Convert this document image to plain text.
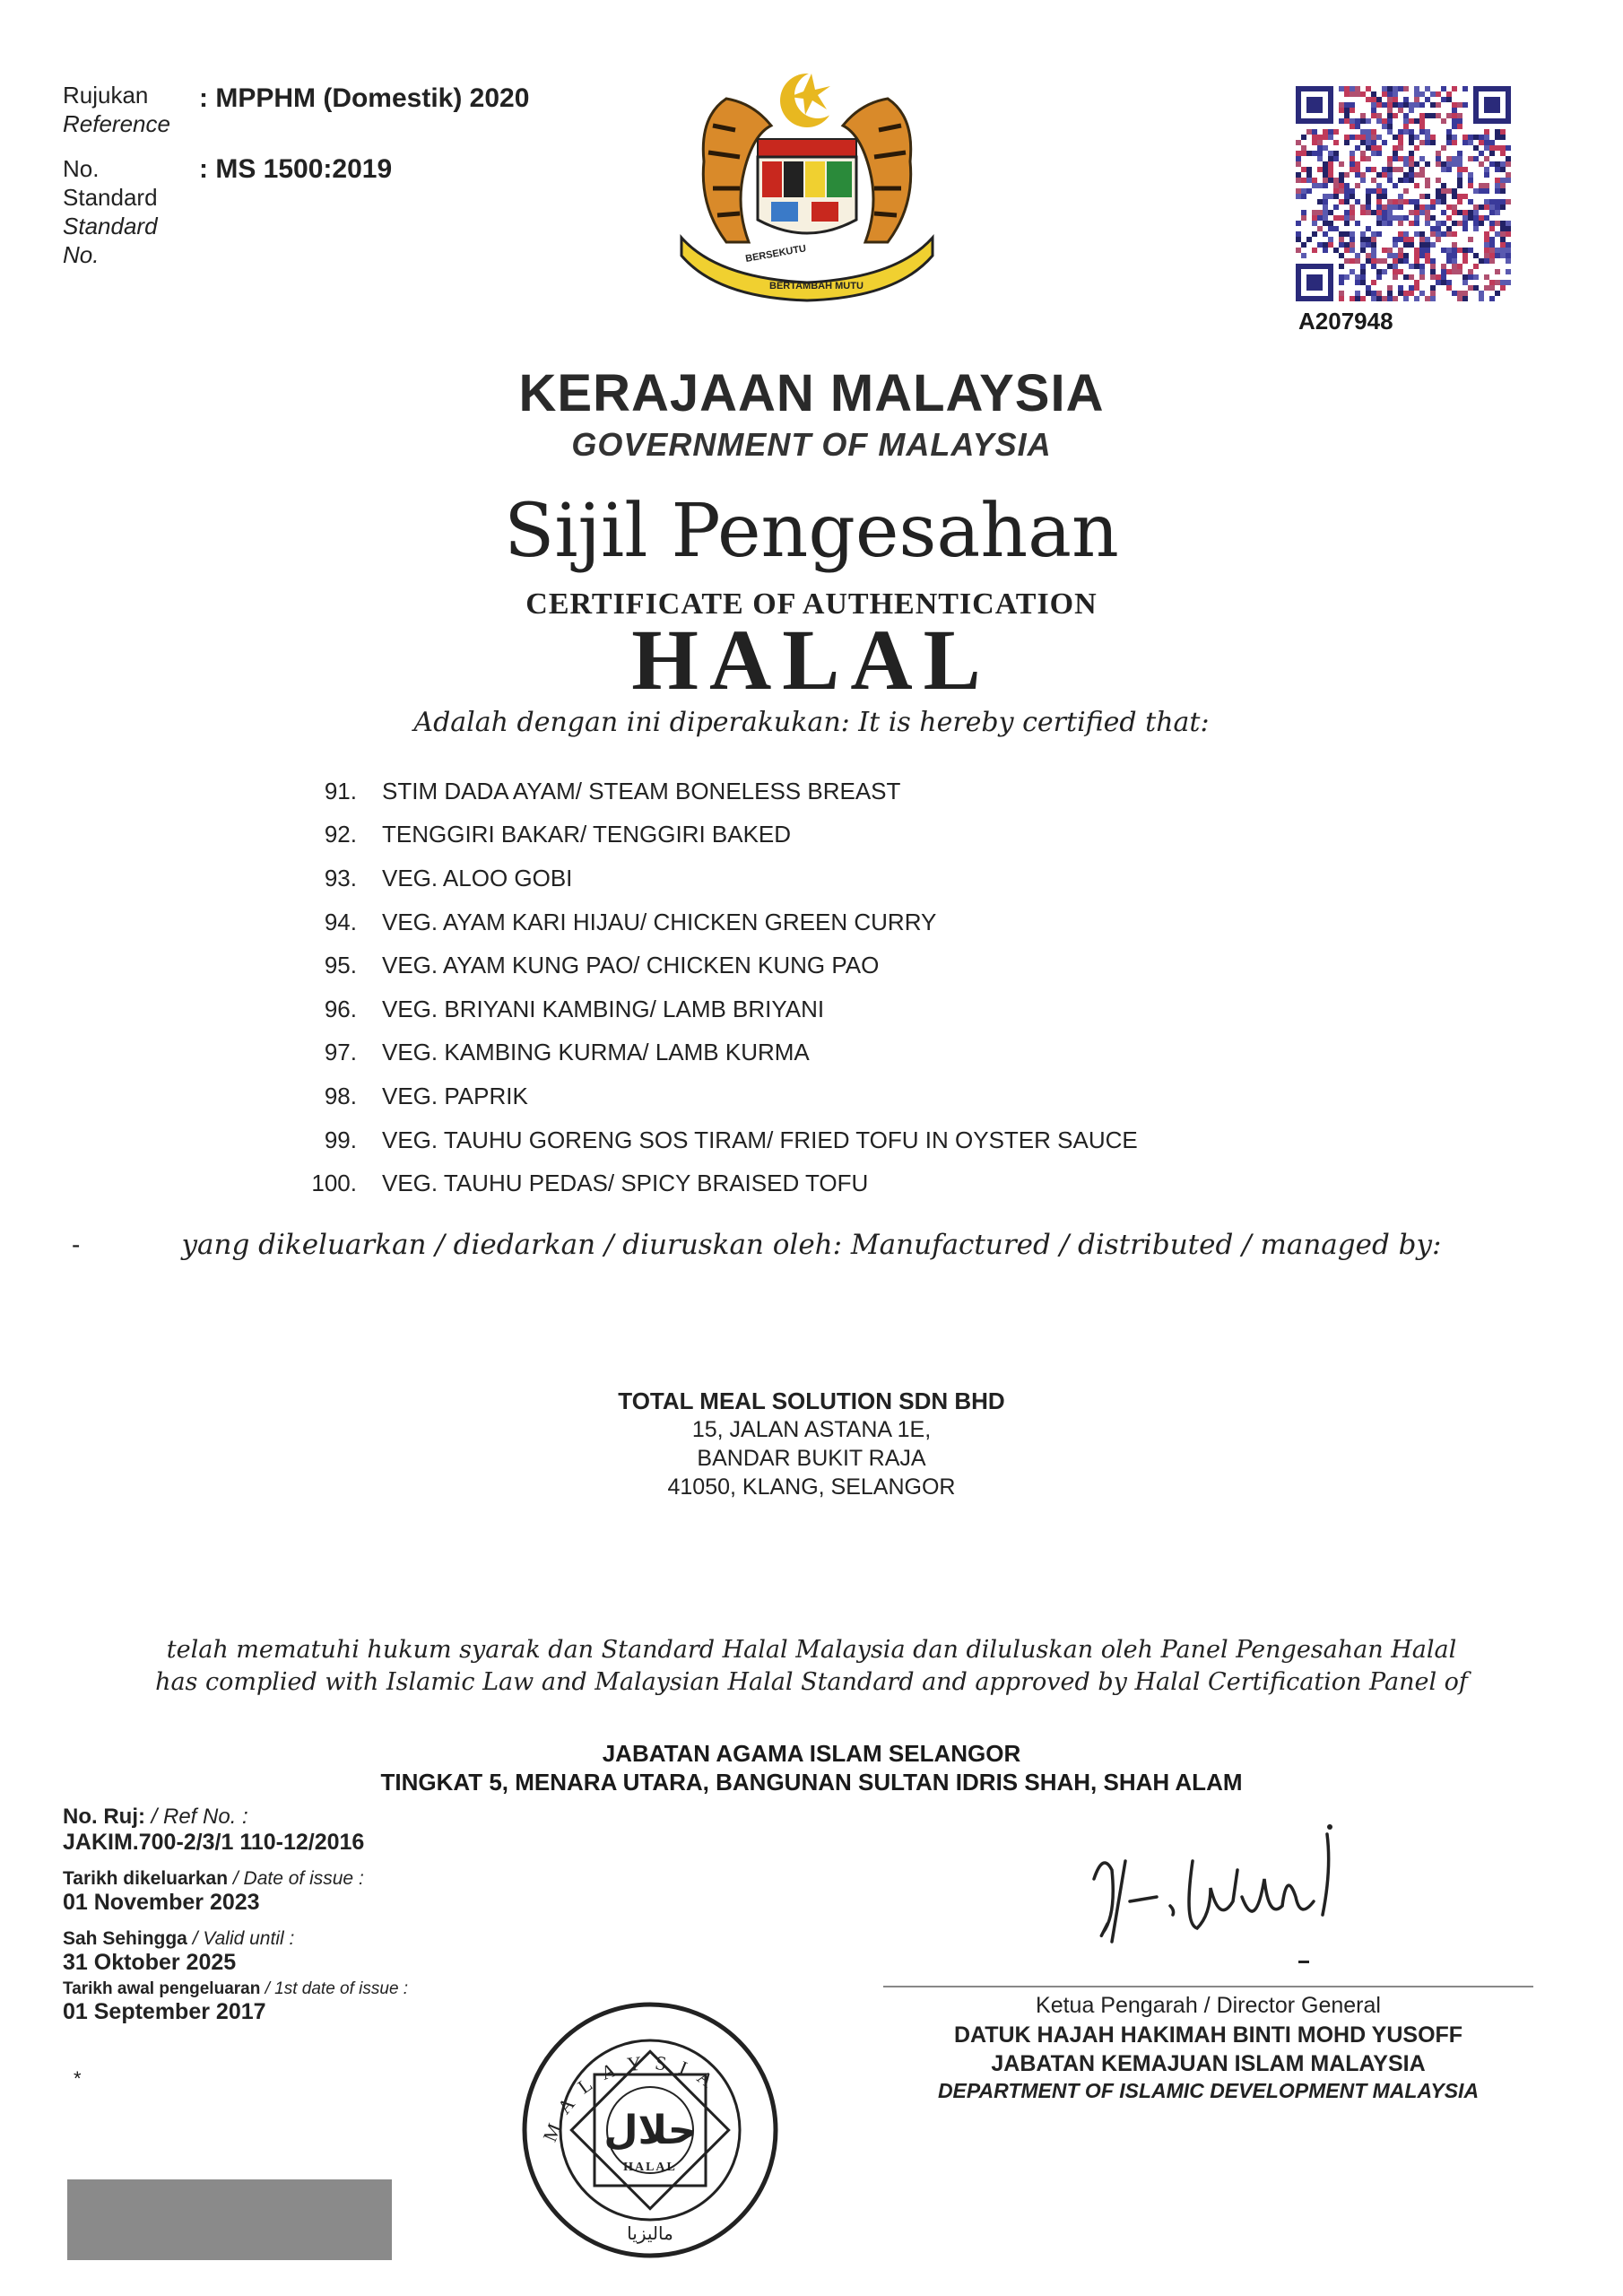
Rujukan
Reference
: MPPHM (Domestik) 2020
No. Standard
Standard No.
: MS 1500:2019
BERSEKUTU
BERTAMBAH MUTU
A207948
KERAJAAN MALAYSIA
GOVERNMENT OF MALAYSIA
Sijil Pengesahan
CERTIFICATE OF AUTHENTICATION
HALAL
Adalah dengan ini diperakukan: It is hereby certified that:
91. STIM DADA AYAM/ STEAM BONELESS BREAST
92. TENGGIRI BAKAR/ TENGGIRI BAKED
93. VEG. ALOO GOBI
94. VEG. AYAM KARI HIJAU/ CHICKEN GREEN CURRY
95. VEG. AYAM KUNG PAO/ CHICKEN KUNG PAO
96. VEG. BRIYANI KAMBING/ LAMB BRIYANI
97. VEG. KAMBING KURMA/ LAMB KURMA
98. VEG. PAPRIK
99. VEG. TAUHU GORENG SOS TIRAM/ FRIED TOFU IN OYSTER SAUCE
100. VEG. TAUHU PEDAS/ SPICY BRAISED TOFU
-	yang dikeluarkan / diedarkan / diuruskan oleh: Manufactured / distributed / managed by:
TOTAL MEAL SOLUTION SDN BHD
15, JALAN ASTANA 1E,
BANDAR BUKIT RAJA
41050, KLANG, SELANGOR
telah mematuhi hukum syarak dan Standard Halal Malaysia dan diluluskan oleh Panel Pengesahan Halal
has complied with Islamic Law and Malaysian Halal Standard and approved by Halal Certification Panel of
JABATAN AGAMA ISLAM SELANGOR
TINGKAT 5, MENARA UTARA, BANGUNAN SULTAN IDRIS SHAH, SHAH ALAM
No. Ruj: / Ref No. :
JAKIM.700-2/3/1 110-12/2016
Tarikh dikeluarkan / Date of issue :
01 November 2023
Sah Sehingga / Valid until :
31 Oktober 2025
Tarikh awal pengeluaran / 1st date of issue :
01 September 2017
*
حلال
HALAL
MALAYSIA
ماليزيا
Ketua Pengarah / Director General
DATUK HAJAH HAKIMAH BINTI MOHD YUSOFF
JABATAN KEMAJUAN ISLAM MALAYSIA
DEPARTMENT OF ISLAMIC DEVELOPMENT MALAYSIA
